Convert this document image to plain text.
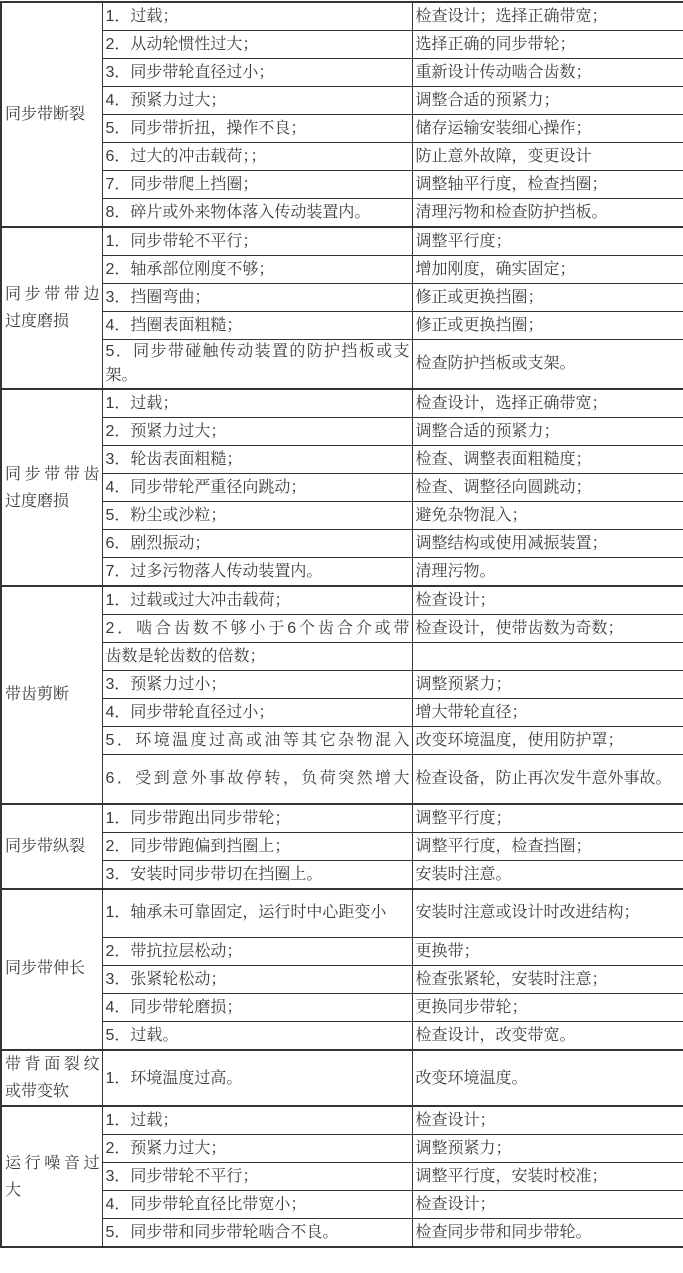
同步带断裂	1．过载；	检查设计；选择正确带宽；
	2．从动轮惯性过大；	选择正确的同步带轮；
	3．同步带轮直径过小；	重新设计传动啮合齿数；
	4．预紧力过大；	调整合适的预紧力；
	5．同步带折扭，操作不良；	储存运输安装细心操作；
	6．过大的冲击载荷；；	防止意外故障，变更设计
	7．同步带爬上挡圈；	调整轴平行度，检查挡圈；
	8．碎片或外来物体落入传动装置内。	清理污物和检查防护挡板。
同步带带边过度磨损	1．同步带轮不平行；	调整平行度；
	2．轴承部位刚度不够；	增加刚度，确实固定；
	3．挡圈弯曲；	修正或更换挡圈；
	4．挡圈表面粗糙；	修正或更换挡圈；
	5．同步带碰触传动装置的防护挡板或支架。	检查防护挡板或支架。
同步带带齿过度磨损	1．过载；	检查设计，选择正确带宽；
	2．预紧力过大；	调整合适的预紧力；
	3．轮齿表面粗糙；	检查、调整表面粗糙度；
	4．同步带轮严重径向跳动；	检查、调整径向圆跳动；
	5．粉尘或沙粒；	避免杂物混入；
	6．剧烈振动；	调整结构或使用减振装置；
	7．过多污物落人传动装置内。	清理污物。
带齿剪断	1．过载或过大冲击载荷；	检查设计；
	2．啮合齿数不够小于6个齿合介或带	检查设计，使带齿数为奇数；
	齿数是轮齿数的倍数；	
	3．预紧力过小；	调整预紧力；
	4．同步带轮直径过小；	增大带轮直径；
	5．环境温度过高或油等其它杂物混入	改变环境温度，使用防护罩；
	6．受到意外事故停转，负荷突然增大	检查设备，防止再次发牛意外事故。
同步带纵裂	1．同步带跑出同步带轮；	调整平行度；
	2．同步带跑偏到挡圈上；	调整平行度，检查挡圈；
	3．安装时同步带切在挡圈上。	安装时注意。
同步带伸长	1．轴承未可靠固定，运行时中心距变小	安装时注意或设计时改进结构；
	2．带抗拉层松动；	更换带；
	3．张紧轮松动；	检查张紧轮，安装时注意；
	4．同步带轮磨损；	更换同步带轮；
	5．过载。	检查设计，改变带宽。
带背面裂纹或带变软	1．环境温度过高。	改变环境温度。
运行噪音过大	1．过载；	检查设计；
	2．预紧力过大；	调整预紧力；
	3．同步带轮不平行；	调整平行度，安装时校准；
	4．同步带轮直径比带宽小；	检查设计；
	5．同步带和同步带轮啮合不良。	检查同步带和同步带轮。
